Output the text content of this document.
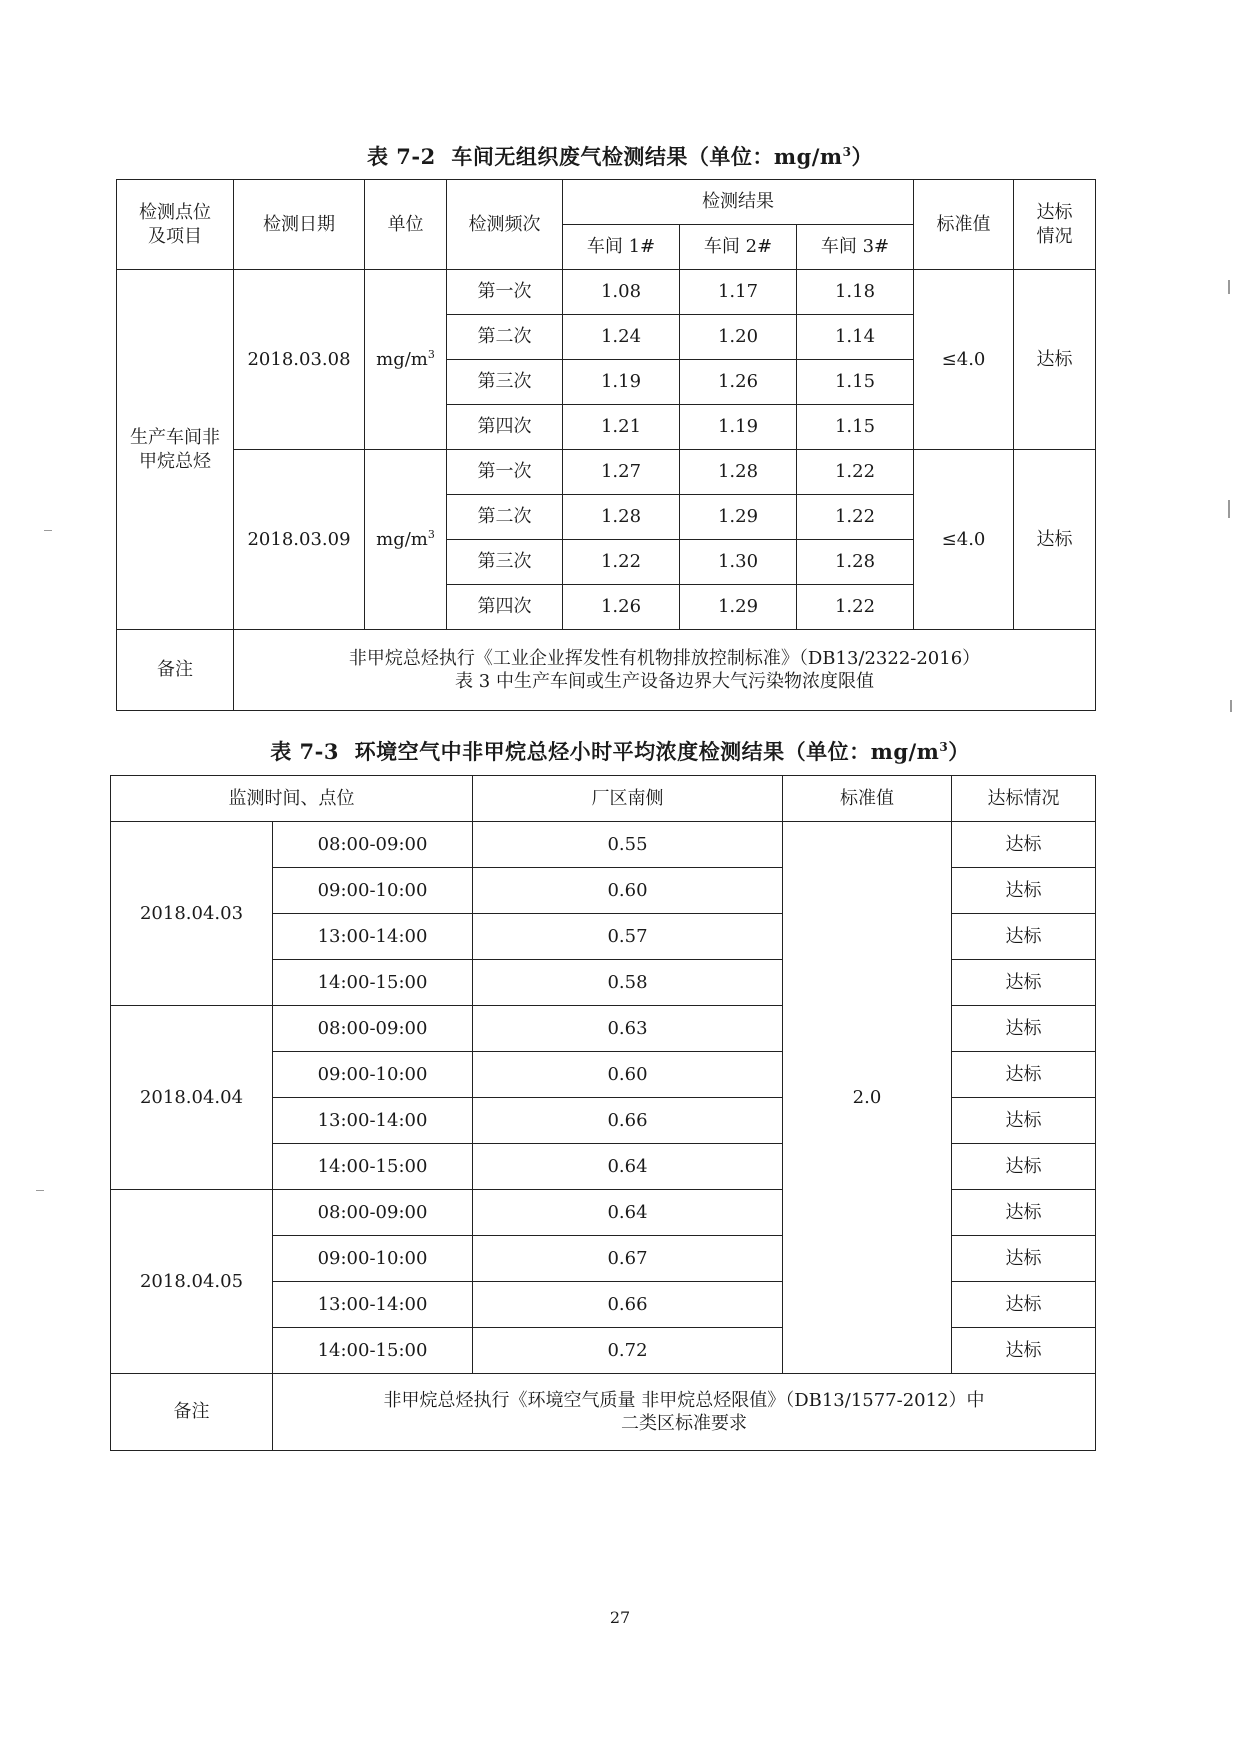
表 7-2 车间无组织废气检测结果（单位：$mg/m^3$）
检测点位及项目	检测日期	单位	检测频次	检测结果			标准值	达标情况
				车间 1#	车间 2#	车间 3#		
生产车间非甲烷总烃	2018.03.08	$mg/m^3$	第一次	1.08	1.17	1.18	≤4.0	达标
			第二次	1.24	1.20	1.14		
			第三次	1.19	1.26	1.15		
			第四次	1.21	1.19	1.15		
	2018.03.09	$mg/m^3$	第一次	1.27	1.28	1.22	≤4.0	达标
			第二次	1.28	1.29	1.22		
			第三次	1.22	1.30	1.28		
			第四次	1.26	1.29	1.22		
备注	非甲烷总烃执行《工业企业挥发性有机物排放控制标准》（DB13/2322-2016）
表 3 中生产车间或生产设备边界大气污染物浓度限值							
表 7-3 环境空气中非甲烷总烃小时平均浓度检测结果（单位：$mg/m^3$）
监测时间、点位		厂区南侧	标准值	达标情况
2018.04.03	08:00-09:00	0.55	2.0	达标
	09:00-10:00	0.60		达标
	13:00-14:00	0.57		达标
	14:00-15:00	0.58		达标
2018.04.04	08:00-09:00	0.63		达标
	09:00-10:00	0.60		达标
	13:00-14:00	0.66		达标
	14:00-15:00	0.64		达标
2018.04.05	08:00-09:00	0.64		达标
	09:00-10:00	0.67		达标
	13:00-14:00	0.66		达标
	14:00-15:00	0.72		达标
备注	非甲烷总烃执行《环境空气质量 非甲烷总烃限值》（DB13/1577-2012）中
二类区标准要求			
27
